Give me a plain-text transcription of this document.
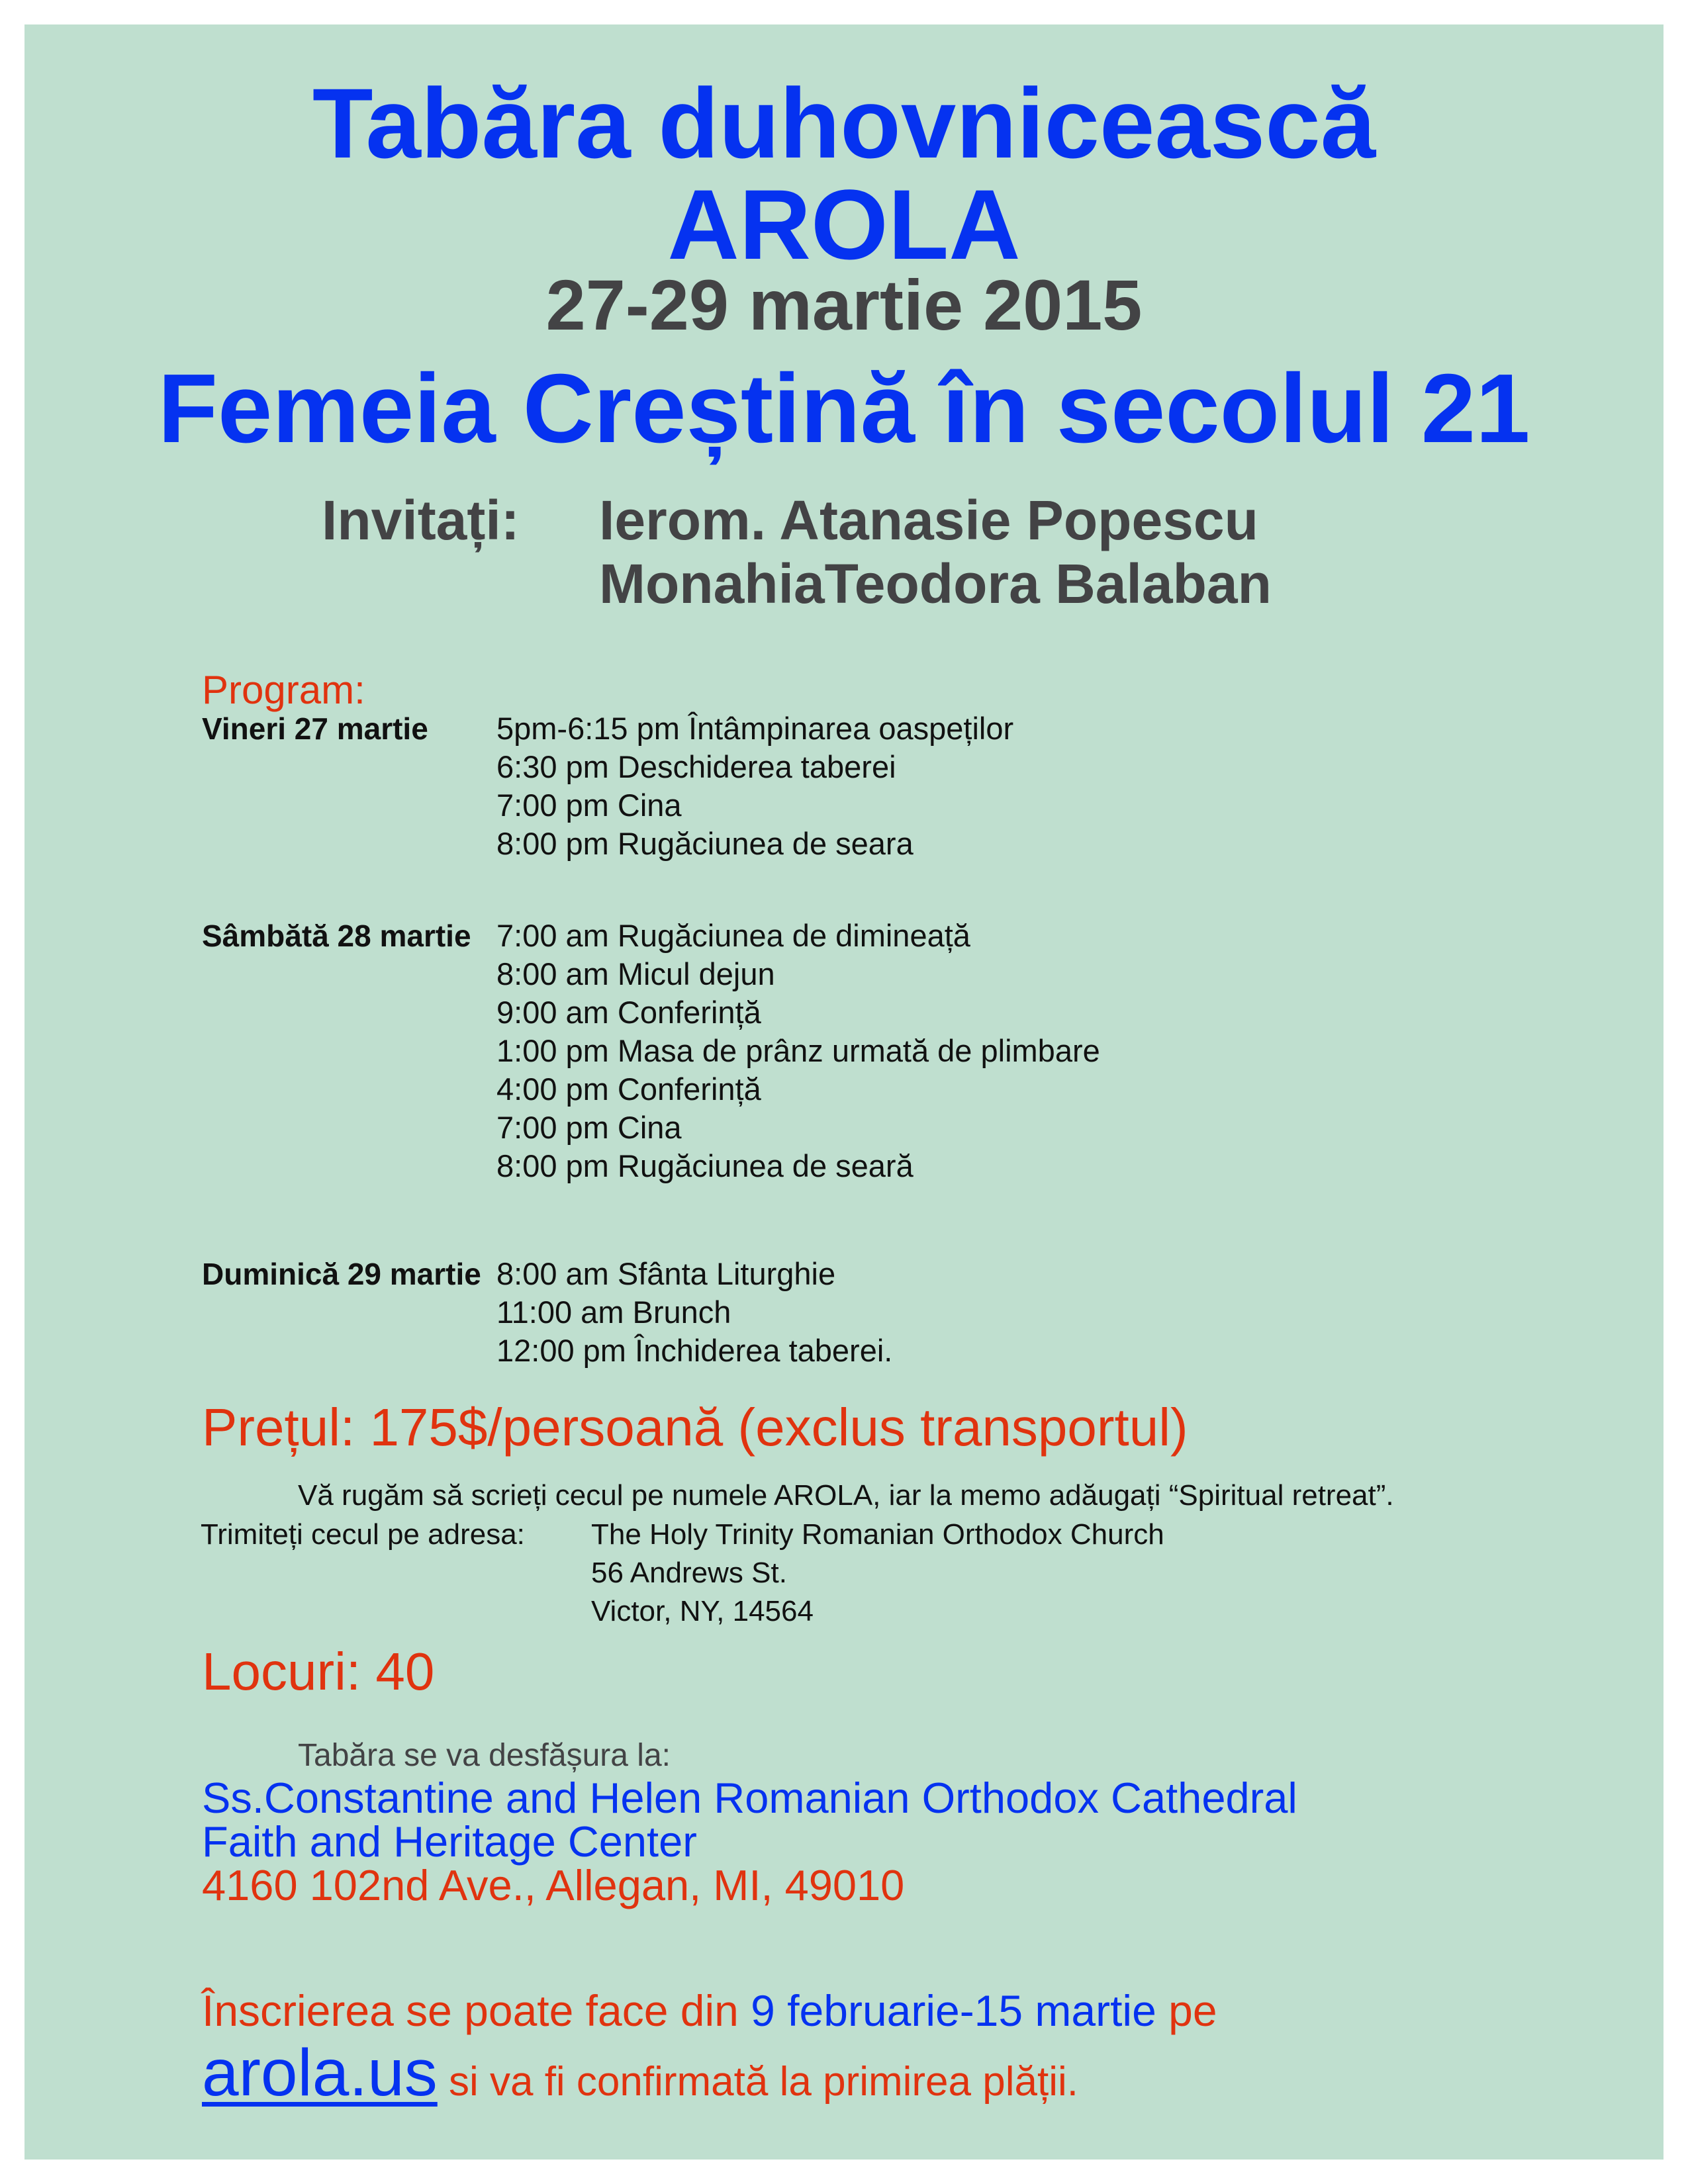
Tabăra duhovnicească
AROLA
27-29 martie 2015
Femeia Creștină în secolul 21
Invitați:	Ierom. Atanasie Popescu
MonahiaTeodora Balaban
Program:
Vineri 27 martie	5pm-6:15 pm Întâmpinarea oaspeților
6:30 pm Deschiderea taberei
7:00 pm Cina
8:00 pm Rugăciunea de seara
Sâmbătă 28 martie 7:00 am Rugăciunea de dimineață
8:00 am Micul dejun
9:00 am Conferință
1:00 pm Masa de prânz urmată de plimbare
4:00 pm Conferință
7:00 pm Cina
8:00 pm Rugăciunea de seară
Duminică 29 martie 8:00 am Sfânta Liturghie
11:00 am Brunch
12:00 pm Închiderea taberei.
Prețul: 175$/persoană (exclus transportul)
Vă rugăm să scrieți cecul pe numele AROLA, iar la memo adăugați “Spiritual retreat”.
Trimiteți cecul pe adresa:	The Holy Trinity Romanian Orthodox Church
56 Andrews St.
Victor, NY, 14564
Locuri: 40
Tabăra se va desfășura la:
Ss.Constantine and Helen Romanian Orthodox Cathedral
Faith and Heritage Center
4160 102nd Ave., Allegan, MI, 49010
Înscrierea se poate face din 9 februarie-15 martie pe
arola.us si va fi confirmată la primirea plății.
